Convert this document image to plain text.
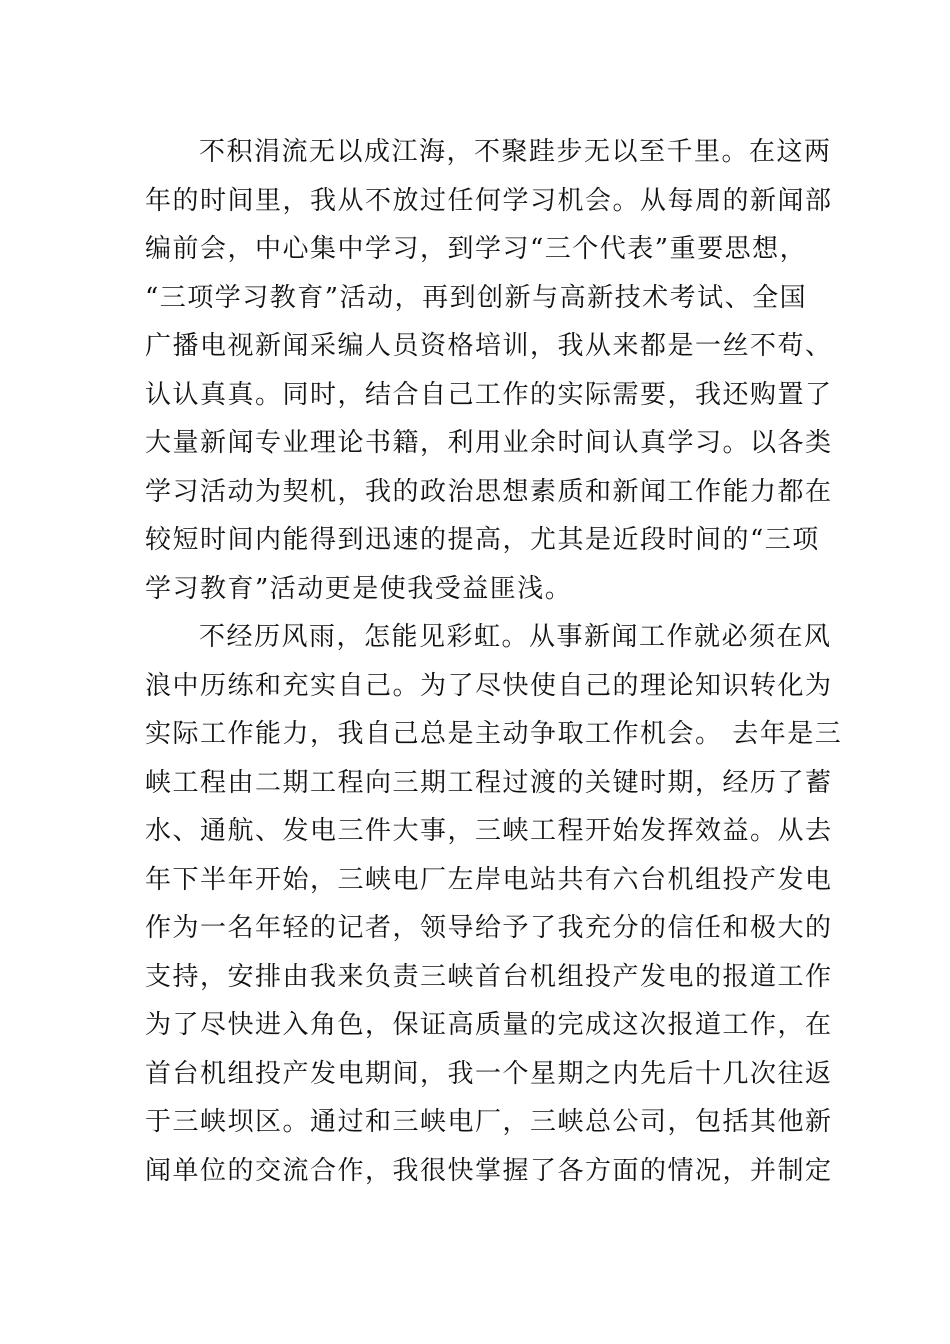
不积涓流无以成江海，不聚跬步无以至千里。在这两
年的时间里，我从不放过任何学习机会。从每周的新闻部
编前会，中心集中学习，到学习“三个代表”重要思想，
“三项学习教育”活动，再到创新与高新技术考试、全国
广播电视新闻采编人员资格培训，我从来都是一丝不苟、
认认真真。同时，结合自己工作的实际需要，我还购置了
大量新闻专业理论书籍，利用业余时间认真学习。以各类
学习活动为契机，我的政治思想素质和新闻工作能力都在
较短时间内能得到迅速的提高，尤其是近段时间的“三项
学习教育”活动更是使我受益匪浅。
不经历风雨，怎能见彩虹。从事新闻工作就必须在风
浪中历练和充实自己。为了尽快使自己的理论知识转化为
实际工作能力，我自己总是主动争取工作机会。 去年是三
峡工程由二期工程向三期工程过渡的关键时期，经历了蓄
水、通航、发电三件大事，三峡工程开始发挥效益。从去
年下半年开始，三峡电厂左岸电站共有六台机组投产发电
作为一名年轻的记者，领导给予了我充分的信任和极大的
支持，安排由我来负责三峡首台机组投产发电的报道工作
为了尽快进入角色，保证高质量的完成这次报道工作，在
首台机组投产发电期间，我一个星期之内先后十几次往返
于三峡坝区。通过和三峡电厂，三峡总公司，包括其他新
闻单位的交流合作，我很快掌握了各方面的情况，并制定
